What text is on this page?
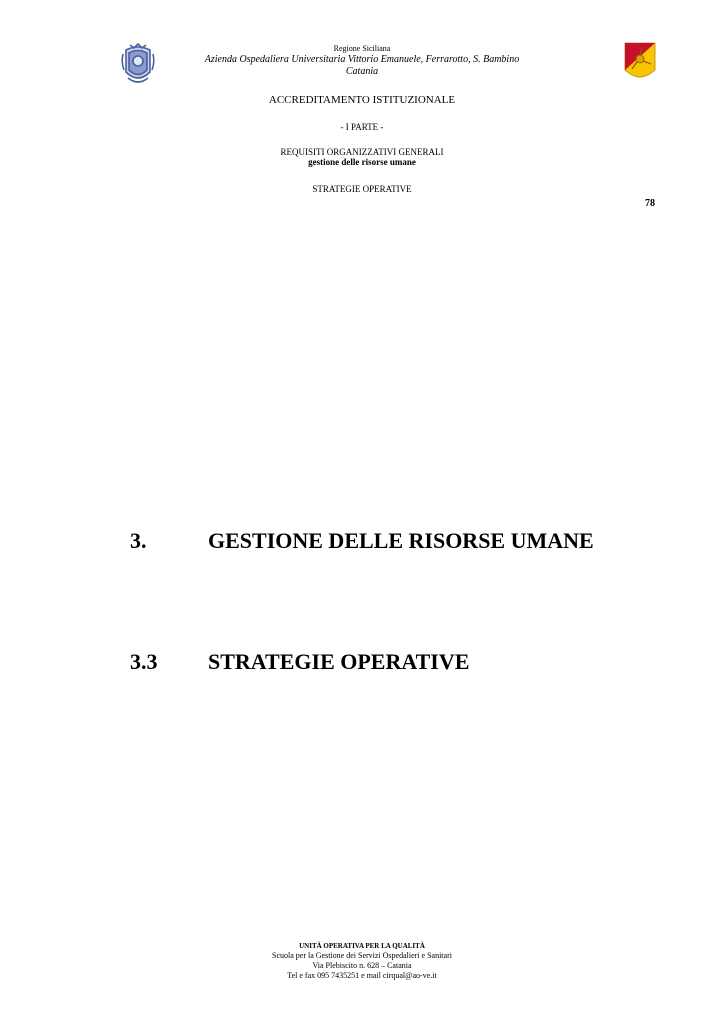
Regione Siciliana
Azienda Ospedaliera Universitaria Vittorio Emanuele, Ferrarotto, S. Bambino
Catania
ACCREDITAMENTO ISTITUZIONALE
- I PARTE -
REQUISITI ORGANIZZATIVI GENERALI
gestione delle risorse umane
STRATEGIE OPERATIVE
78
3.	GESTIONE DELLE RISORSE UMANE
3.3 STRATEGIE OPERATIVE
UNITÀ OPERATIVA PER LA QUALITÀ
Scuola per la Gestione dei Servizi Ospedalieri e Sanitari
Via Plebiscito n. 628 – Catania
Tel e fax 095 7435251 e mail cirqual@ao-ve.it
